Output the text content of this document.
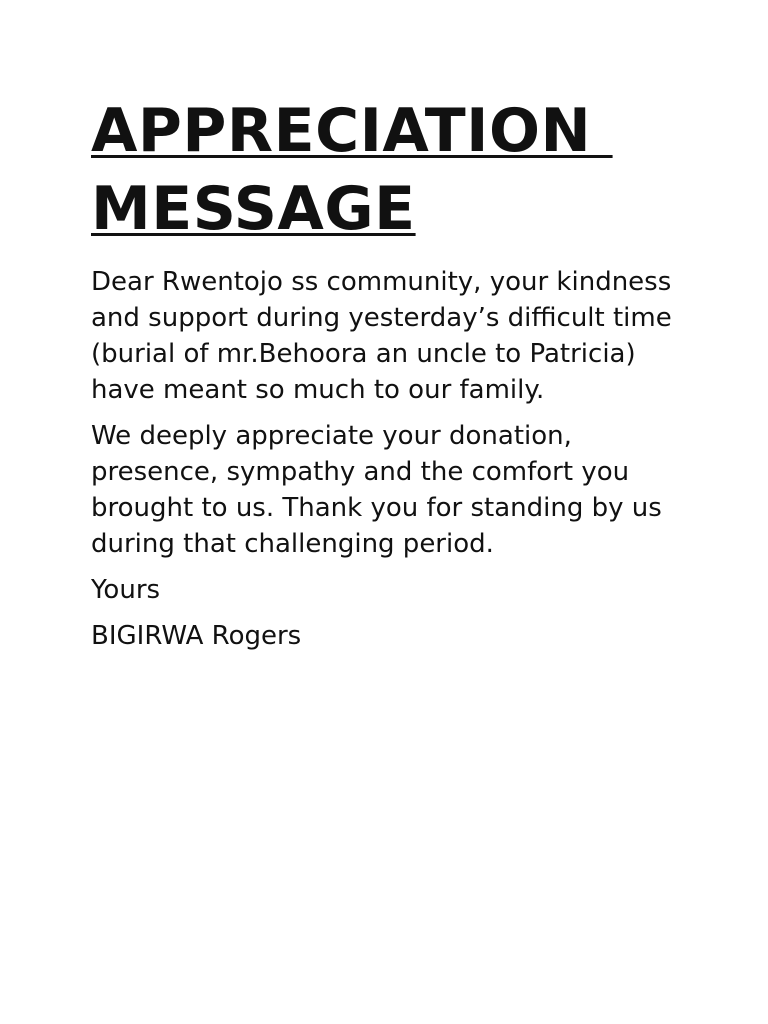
APPRECIATION
MESSAGE

Dear Rwentojo ss community, your kindness and support during yesterday’s difficult time (burial of mr.Behoora an uncle to Patricia) have meant so much to our family.

We deeply appreciate your donation, presence, sympathy and the comfort you brought to us. Thank you for standing by us during that challenging period.

Yours

BIGIRWA Rogers
